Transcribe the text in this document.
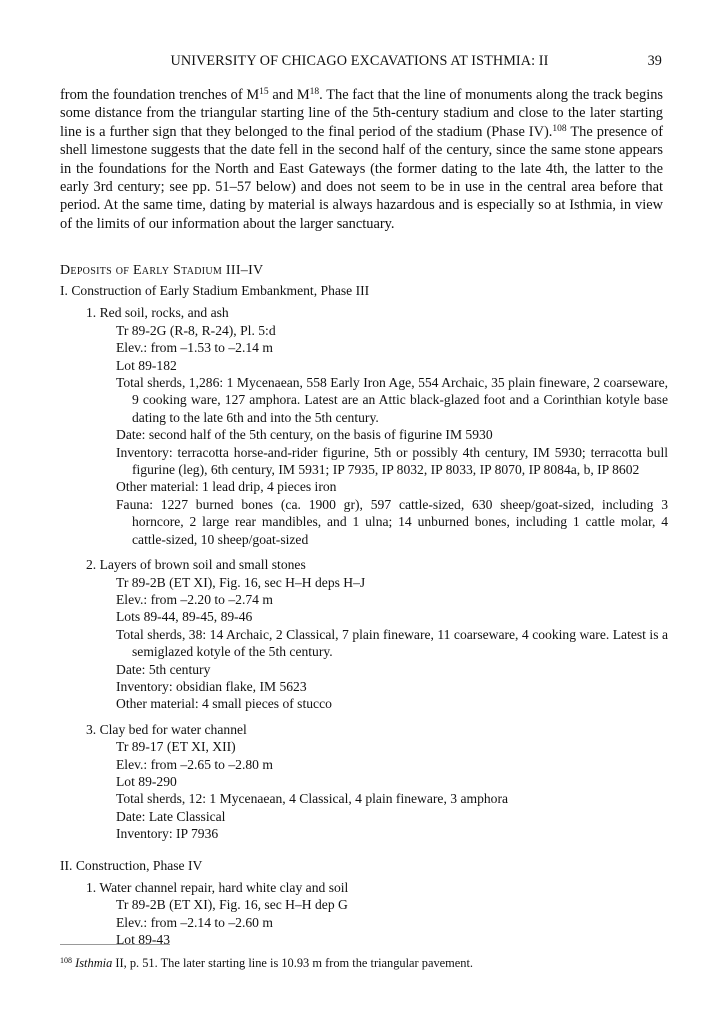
UNIVERSITY OF CHICAGO EXCAVATIONS AT ISTHMIA: II	39

from the foundation trenches of $M^{15}$ and $M^{18}$. The fact that the line of monuments along the track begins some distance from the triangular starting line of the 5th-century stadium and close to the later starting line is a further sign that they belonged to the final period of the stadium (Phase IV).$^{108}$ The presence of shell limestone suggests that the date fell in the second half of the century, since the same stone appears in the foundations for the North and East Gateways (the former dating to the late 4th, the latter to the early 3rd century; see pp. 51–57 below) and does not seem to be in use in the central area before that period. At the same time, dating by material is always hazardous and is especially so at Isthmia, in view of the limits of our information about the larger sanctuary.

Deposits of Early Stadium III–IV

I. Construction of Early Stadium Embankment, Phase III

1. Red soil, rocks, and ash

Tr 89-2G (R-8, R-24), Pl. 5:d

Elev.: from –1.53 to –2.14 m

Lot 89-182

Total sherds, 1,286: 1 Mycenaean, 558 Early Iron Age, 554 Archaic, 35 plain fineware, 2 coarseware, 9 cooking ware, 127 amphora. Latest are an Attic black-glazed foot and a Corinthian kotyle base dating to the late 6th and into the 5th century.

Date: second half of the 5th century, on the basis of figurine IM 5930

Inventory: terracotta horse-and-rider figurine, 5th or possibly 4th century, IM 5930; terracotta bull figurine (leg), 6th century, IM 5931; IP 7935, IP 8032, IP 8033, IP 8070, IP 8084a, b, IP 8602

Other material: 1 lead drip, 4 pieces iron

Fauna: 1227 burned bones (ca. 1900 gr), 597 cattle-sized, 630 sheep/goat-sized, including 3 horncore, 2 large rear mandibles, and 1 ulna; 14 unburned bones, including 1 cattle molar, 4 cattle-sized, 10 sheep/goat-sized

2. Layers of brown soil and small stones

Tr 89-2B (ET XI), Fig. 16, sec H–H deps H–J

Elev.: from –2.20 to –2.74 m

Lots 89-44, 89-45, 89-46

Total sherds, 38: 14 Archaic, 2 Classical, 7 plain fineware, 11 coarseware, 4 cooking ware. Latest is a semiglazed kotyle of the 5th century.

Date: 5th century

Inventory: obsidian flake, IM 5623

Other material: 4 small pieces of stucco

3. Clay bed for water channel

Tr 89-17 (ET XI, XII)

Elev.: from –2.65 to –2.80 m

Lot 89-290

Total sherds, 12: 1 Mycenaean, 4 Classical, 4 plain fineware, 3 amphora

Date: Late Classical

Inventory: IP 7936

II. Construction, Phase IV

1. Water channel repair, hard white clay and soil

Tr 89-2B (ET XI), Fig. 16, sec H–H dep G

Elev.: from –2.14 to –2.60 m

Lot 89-43

$^{108}$ Isthmia II, p. 51. The later starting line is 10.93 m from the triangular pavement.
